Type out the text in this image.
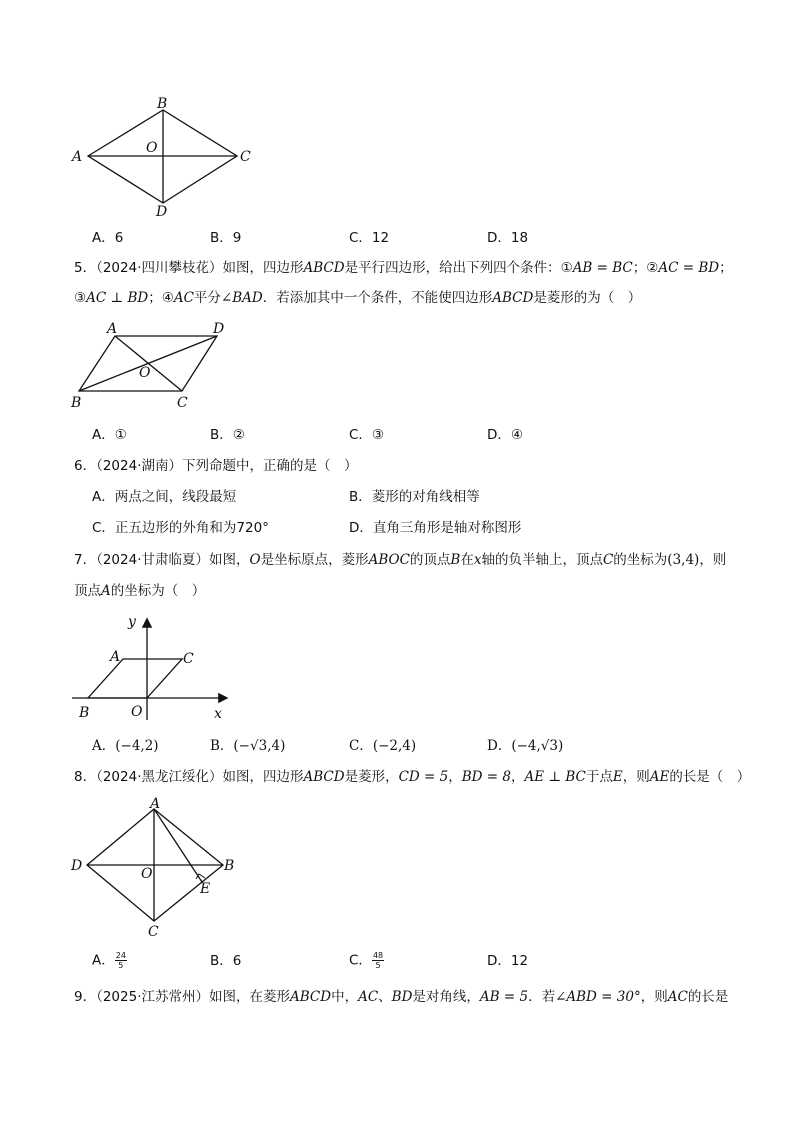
B
A	C
O
D
A．6	B．9	C．12	D．18
5．（2024·四川攀枝花）如图，四边形ABCD是平行四边形，给出下列四个条件：①AB = BC；②AC = BD；
③AC ⊥ BD；④AC平分∠BAD．若添加其中一个条件，不能使四边形ABCD是菱形的为（　）
A	D
O
B	C
A．①	B．②	C．③	D．④
6．（2024·湖南）下列命题中，正确的是（　）
A．两点之间，线段最短	B．菱形的对角线相等
C．正五边形的外角和为720°	D．直角三角形是轴对称图形
7．（2024·甘肃临夏）如图，O是坐标原点，菱形ABOC的顶点B在x轴的负半轴上，顶点C的坐标为(3,4)，则
顶点A的坐标为（　）
y
A	C
B	O	x
A．(−4,2)	B．(−√3,4)	C．(−2,4)	D．(−4,√3)
8．（2024·黑龙江绥化）如图，四边形ABCD是菱形，CD = 5，BD = 8，AE ⊥ BC于点E，则AE的长是（　）
A
D	B
O
E
C
A． $\frac{24}{5}$	B．6	C． $\frac{48}{5}$	D．12
9．（2025·江苏常州）如图，在菱形ABCD中，AC、BD是对角线，AB = 5．若∠ABD = 30°，则AC的长是
